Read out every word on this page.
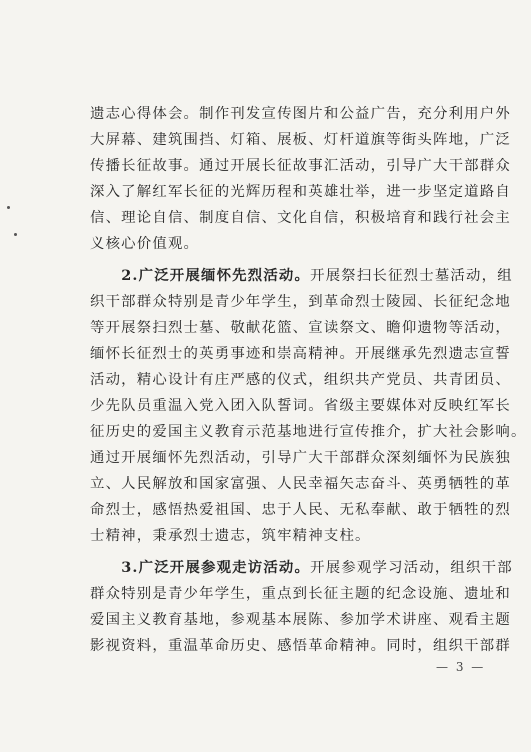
遗志心得体会。制作刊发宣传图片和公益广告，充分利用户外
大屏幕、建筑围挡、灯箱、展板、灯杆道旗等街头阵地，广泛
传播长征故事。通过开展长征故事汇活动，引导广大干部群众
深入了解红军长征的光辉历程和英雄壮举，进一步坚定道路自
信、理论自信、制度自信、文化自信，积极培育和践行社会主
义核心价值观。
　　2.广泛开展缅怀先烈活动。开展祭扫长征烈士墓活动，组
织干部群众特别是青少年学生，到革命烈士陵园、长征纪念地
等开展祭扫烈士墓、敬献花篮、宣读祭文、瞻仰遗物等活动，
缅怀长征烈士的英勇事迹和崇高精神。开展继承先烈遗志宣誓
活动，精心设计有庄严感的仪式，组织共产党员、共青团员、
少先队员重温入党入团入队誓词。省级主要媒体对反映红军长
征历史的爱国主义教育示范基地进行宣传推介，扩大社会影响。
通过开展缅怀先烈活动，引导广大干部群众深刻缅怀为民族独
立、人民解放和国家富强、人民幸福矢志奋斗、英勇牺牲的革
命烈士，感悟热爱祖国、忠于人民、无私奉献、敢于牺牲的烈
士精神，秉承烈士遗志，筑牢精神支柱。
　　3.广泛开展参观走访活动。开展参观学习活动，组织干部
群众特别是青少年学生，重点到长征主题的纪念设施、遗址和
爱国主义教育基地，参观基本展陈、参加学术讲座、观看主题
影视资料，重温革命历史、感悟革命精神。同时，组织干部群
— 3 —
